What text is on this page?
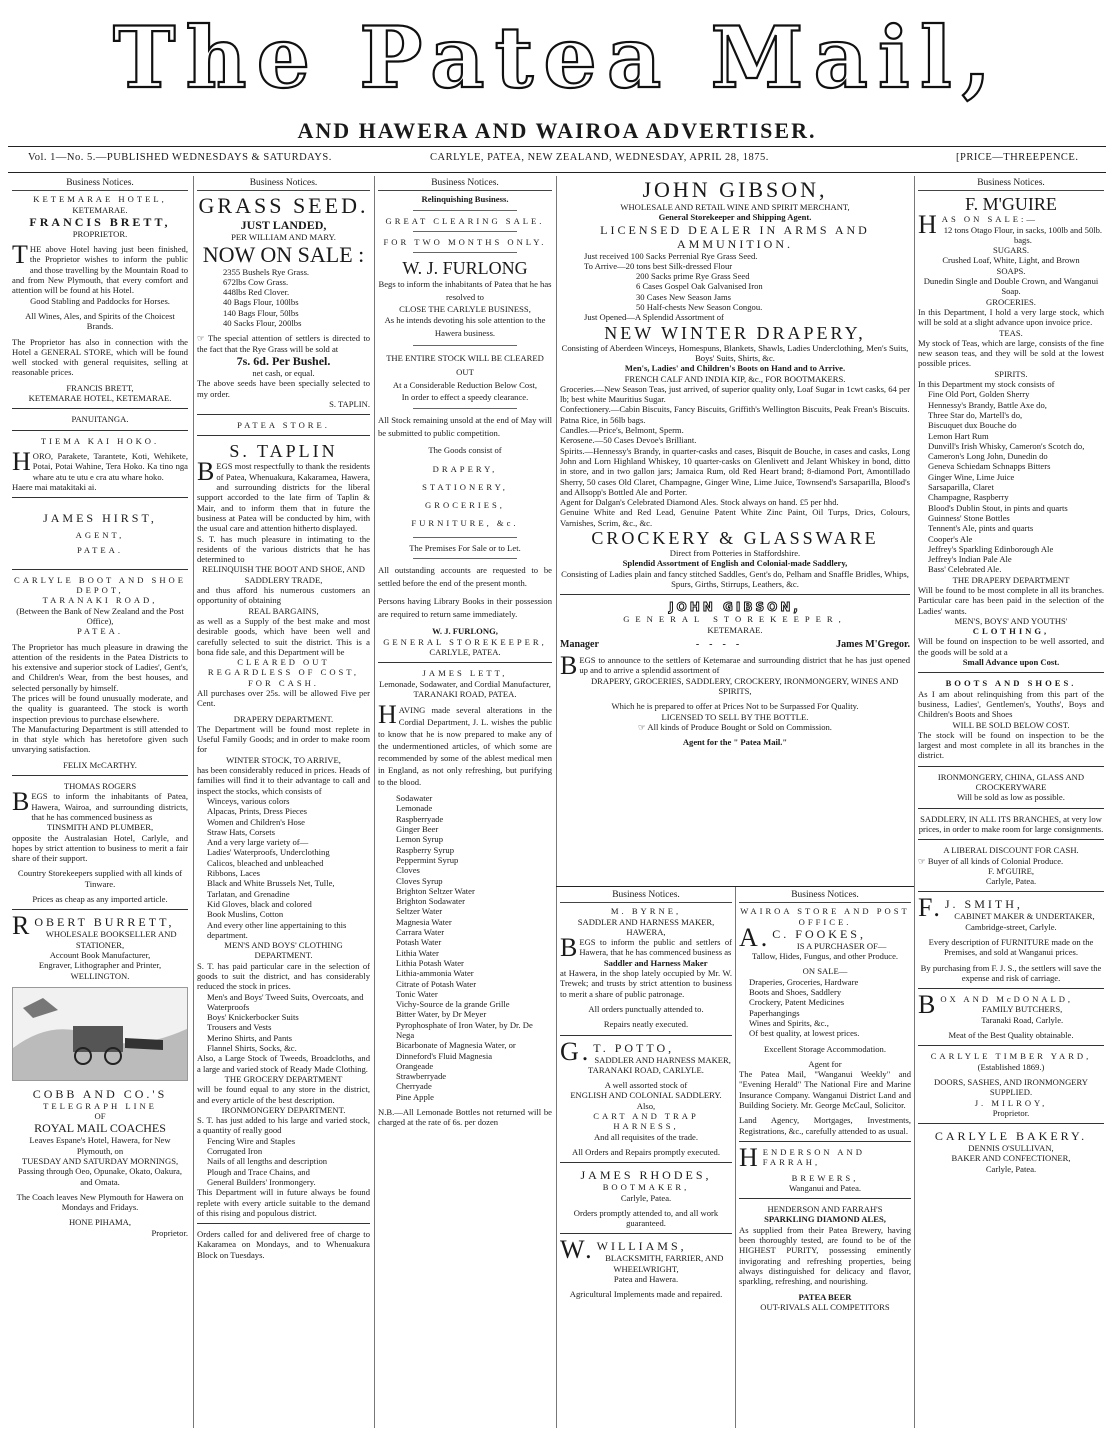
The Patea Mail,
AND HAWERA AND WAIROA ADVERTISER.
Vol. 1—No. 5.—PUBLISHED WEDNESDAYS & SATURDAYS.	CARLYLE, PATEA, NEW ZEALAND, WEDNESDAY, APRIL 28, 1875.	[PRICE—THREEPENCE.
Business Notices.

KETEMARAE HOTEL,

KETEMARAE.

FRANCIS BRETT,

PROPRIETOR.

THE above Hotel having just been finished, the Proprietor wishes to inform the public and those travelling by the Mountain Road to and from New Plymouth, that every comfort and attention will be found at his Hotel.

Good Stabling and Paddocks for Horses.

All Wines, Ales, and Spirits of the Choicest Brands.

The Proprietor has also in connection with the Hotel a GENERAL STORE, which will be found well stocked with general requisites, selling at reasonable prices.

FRANCIS BRETT,

KETEMARAE HOTEL, KETEMARAE.

PANUITANGA.

TIEMA KAI HOKO.

HORO, Parakete, Tarantete, Koti, Wehikete, Potai, Potai Wahine, Tera Hoko. Ka tino nga whare atu te utu e cra atu whare hoko.

Haere mai matakitaki ai.

JAMES HIRST,

AGENT,

PATEA.

CARLYLE BOOT AND SHOE DEPOT,

TARANAKI ROAD,

(Between the Bank of New Zealand and the Post Office),

PATEA.

The Proprietor has much pleasure in drawing the attention of the residents in the Patea Districts to his extensive and superior stock of Ladies', Gent's, and Children's Wear, from the best houses, and selected personally by himself.

The prices will be found unusually moderate, and the quality is guaranteed. The stock is worth inspection previous to purchase elsewhere.

The Manufacturing Department is still attended to in that style which has heretofore given such unvarying satisfaction.

FELIX McCARTHY.

THOMAS ROGERS

BEGS to inform the inhabitants of Patea, Hawera, Wairoa, and surrounding districts, that he has commenced business as

TINSMITH AND PLUMBER,

opposite the Australasian Hotel, Carlyle, and hopes by strict attention to business to merit a fair share of their support.

Country Storekeepers supplied with all kinds of Tinware.

Prices as cheap as any imported article.

ROBERT BURRETT,

WHOLESALE BOOKSELLER AND STATIONER,

Account Book Manufacturer,

Engraver, Lithographer and Printer,

WELLINGTON.

COBB AND CO.'S

TELEGRAPH LINE

OF

ROYAL MAIL COACHES

Leaves Espane's Hotel, Hawera, for New Plymouth, on

TUESDAY AND SATURDAY MORNINGS,

Passing through Oeo, Opunake, Okato, Oakura, and Omata.

The Coach leaves New Plymouth for Hawera on Mondays and Fridays.

HONE PIHAMA,

Proprietor.

Business Notices.

GRASS SEED.

JUST LANDED,

PER WILLIAM AND MARY.

NOW ON SALE :

2355 Bushels Rye Grass.

672lbs Cow Grass.

448lbs Red Clover.

40 Bags Flour, 100lbs

140 Bags Flour, 50lbs

40 Sacks Flour, 200lbs

☞ The special attention of settlers is directed to the fact that the Rye Grass will be sold at

7s. 6d. Per Bushel.

net cash, or equal.

The above seeds have been specially selected to my order.

S. TAPLIN.

PATEA STORE.

S. TAPLIN

BEGS most respectfully to thank the residents of Patea, Whenuakura, Kakaramea, Hawera, and surrounding districts for the liberal support accorded to the late firm of Taplin & Mair, and to inform them that in future the business at Patea will be conducted by him, with the usual care and attention hitherto displayed.

S. T. has much pleasure in intimating to the residents of the various districts that he has determined to

RELINQUISH THE BOOT AND SHOE, AND SADDLERY TRADE,

and thus afford his numerous customers an opportunity of obtaining

REAL BARGAINS,

as well as a Supply of the best make and most desirable goods, which have been well and carefully selected to suit the district. This is a bona fide sale, and this Department will be

CLEARED OUT REGARDLESS OF COST, FOR CASH.

All purchases over 25s. will be allowed Five per Cent.

DRAPERY DEPARTMENT.

The Department will be found most replete in Useful Family Goods; and in order to make room for

WINTER STOCK, TO ARRIVE,

has been considerably reduced in prices. Heads of families will find it to their advantage to call and inspect the stocks, which consists of

Winceys, various colors

Alpacas, Prints, Dress Pieces

Women and Children's Hose

Straw Hats, Corsets

And a very large variety of—

Ladies' Waterproofs, Underclothing

Calicos, bleached and unbleached

Ribbons, Laces

Black and White Brussels Net, Tulle,

Tarlatan, and Grenadine

Kid Gloves, black and colored

Book Muslins, Cotton

And every other line appertaining to this department.

MEN'S AND BOYS' CLOTHING DEPARTMENT.

S. T. has paid particular care in the selection of goods to suit the district, and has considerably reduced the stock in prices.

Men's and Boys' Tweed Suits, Overcoats, and Waterproofs

Boys' Knickerbocker Suits

Trousers and Vests

Merino Shirts, and Pants

Flannel Shirts, Socks, &c.

Also, a Large Stock of Tweeds, Broadcloths, and a large and varied stock of Ready Made Clothing.

THE GROCERY DEPARTMENT

will be found equal to any store in the district, and every article of the best description.

IRONMONGERY DEPARTMENT.

S. T. has just added to his large and varied stock, a quantity of really good

Fencing Wire and Staples

Corrugated Iron

Nails of all lengths and description

Plough and Trace Chains, and

General Builders' Ironmongery.

This Department will in future always be found replete with every article suitable to the demand of this rising and populous district.

Orders called for and delivered free of charge to Kakaramea on Mondays, and to Whenuakura Block on Tuesdays.

Business Notices.

Relinquishing Business.

GREAT CLEARING SALE.

FOR TWO MONTHS ONLY.

W. J. FURLONG

Begs to inform the inhabitants of Patea that he has resolved to

CLOSE THE CARLYLE BUSINESS,

As he intends devoting his sole attention to the Hawera business.

THE ENTIRE STOCK WILL BE CLEARED OUT

At a Considerable Reduction Below Cost,

In order to effect a speedy clearance.

All Stock remaining unsold at the end of May will be submitted to public competition.

The Goods consist of

DRAPERY,

STATIONERY,

GROCERIES,

FURNITURE, &c.

The Premises For Sale or to Let.

All outstanding accounts are requested to be settled before the end of the present month.

Persons having Library Books in their possession are required to return same immediately.

W. J. FURLONG,

GENERAL STOREKEEPER,

CARLYLE, PATEA.

JAMES LETT,

Lemonade, Sodawater, and Cordial Manufacturer,

TARANAKI ROAD, PATEA.

HAVING made several alterations in the Cordial Department, J. L. wishes the public to know that he is now prepared to make any of the undermentioned articles, of which some are recommended by some of the ablest medical men in England, as not only refreshing, but purifying to the blood.

Sodawater

Lemonade

Raspberryade

Ginger Beer

Lemon Syrup

Raspberry Syrup

Peppermint Syrup

Cloves

Cloves Syrup

Brighton Seltzer Water

Brighton Sodawater

Seltzer Water

Magnesia Water

Carrara Water

Potash Water

Lithia Water

Lithia Potash Water

Lithia-ammonia Water

Citrate of Potash Water

Tonic Water

Vichy-Source de la grande Grille

Bitter Water, by Dr Meyer

Pyrophosphate of Iron Water, by Dr. De Nega

Bicarbonate of Magnesia Water, or Dinneford's Fluid Magnesia

Orangeade

Strawberryade

Cherryade

Pine Apple

N.B.—All Lemonade Bottles not returned will be charged at the rate of 6s. per dozen

JOHN GIBSON,

WHOLESALE AND RETAIL WINE AND SPIRIT MERCHANT,

General Storekeeper and Shipping Agent.

LICENSED DEALER IN ARMS AND AMMUNITION.

Just received 100 Sacks Perrenial Rye Grass Seed.

To Arrive—20 tons best Silk-dressed Flour

200 Sacks prime Rye Grass Seed

6 Cases Gospel Oak Galvanised Iron

30 Cases New Season Jams

50 Half-chests New Season Congou.

Just Opened—A Splendid Assortment of

NEW WINTER DRAPERY,

Consisting of Aberdeen Winceys, Homespuns, Blankets, Shawls, Ladies Underclothing, Men's Suits, Boys' Suits, Shirts, &c.

Men's, Ladies' and Children's Boots on Hand and to Arrive.

FRENCH CALF AND INDIA KIP, &c., FOR BOOTMAKERS.

Groceries.—New Season Teas, just arrived, of superior quality only, Loaf Sugar in 1cwt casks, 64 per lb; best white Mauritius Sugar.

Confectionery.—Cabin Biscuits, Fancy Biscuits, Griffith's Wellington Biscuits, Peak Frean's Biscuits.

Patna Rice, in 56lb bags.

Candles.—Price's, Belmont, Sperm.

Kerosene.—50 Cases Devoe's Brilliant.

Spirits.—Hennessy's Brandy, in quarter-casks and cases, Bisquit de Bouche, in cases and casks, Long John and Lorn Highland Whiskey, 10 quarter-casks on Glenlivett and Jelant Whiskey in bond, ditto in store, and in two gallon jars; Jamaica Rum, old Red Heart brand; 8-diamond Port, Amontillado Sherry, 50 cases Old Claret, Champagne, Ginger Wine, Lime Juice, Townsend's Sarsaparilla, Blood's and Allsopp's Bottled Ale and Porter.

Agent for Dalgan's Celebrated Diamond Ales. Stock always on hand. £5 per hhd.

Genuine White and Red Lead, Genuine Patent White Zinc Paint, Oil Turps, Drics, Colours, Varnishes, Scrim, &c., &c.

CROCKERY & GLASSWARE

Direct from Potteries in Staffordshire.

Splendid Assortment of English and Colonial-made Saddlery,

Consisting of Ladies plain and fancy stitched Saddles, Gent's do, Pelham and Snaffle Bridles, Whips, Spurs, Girths, Stirrups, Leathers, &c.

JOHN GIBSON,

GENERAL STOREKEEPER,

KETEMARAE.

Manager	-    -    -    -	James M'Gregor.

BEGS to announce to the settlers of Ketemarae and surrounding district that he has just opened up and to arrive a splendid assortment of

DRAPERY, GROCERIES, SADDLERY, CROCKERY, IRONMONGERY, WINES AND SPIRITS,

Which he is prepared to offer at Prices Not to be Surpassed For Quality.

LICENSED TO SELL BY THE BOTTLE.

☞ All kinds of Produce Bought or Sold on Commission.

Agent for the " Patea Mail."

Business Notices.

M. BYRNE,

SADDLER AND HARNESS MAKER,

HAWERA,

BEGS to inform the public and settlers of Hawera, that he has commenced business as

Saddler and Harness Maker

at Hawera, in the shop lately occupied by Mr. W. Trewek; and trusts by strict attention to business to merit a share of public patronage.

All orders punctually attended to.

Repairs neatly executed.

G.T. POTTO,

SADDLER AND HARNESS MAKER,

TARANAKI ROAD, CARLYLE.

A well assorted stock of

ENGLISH AND COLONIAL SADDLERY.

Also,

CART AND TRAP HARNESS,

And all requisites of the trade.

All Orders and Repairs promptly executed.

JAMES RHODES,

BOOTMAKER,

Carlyle, Patea.

Orders promptly attended to, and all work guaranteed.

W.WILLIAMS,

BLACKSMITH, FARRIER, AND WHEELWRIGHT,

Patea and Hawera.

Agricultural Implements made and repaired.

Business Notices.

WAIROA STORE AND POST OFFICE.

A.C. FOOKES,

IS A PURCHASER OF—

Tallow, Hides, Fungus, and other Produce.

ON SALE—

Draperies, Groceries, Hardware

Boots and Shoes, Saddlery

Crockery, Patent Medicines

Paperhangings

Wines and Spirits, &c.,

Of best quality, at lowest prices.

Excellent Storage Accommodation.

Agent for

The Patea Mail, "Wanganui Weekly" and "Evening Herald" The National Fire and Marine Insurance Company. Wanganui District Land and Building Society. Mr. George McCaul, Solicitor.

Land Agency, Mortgages, Investments, Registrations, &c., carefully attended to as usual.

HENDERSON AND FARRAH,

BREWERS,

Wanganui and Patea.

HENDERSON AND FARRAH'S

SPARKLING DIAMOND ALES,

As supplied from their Patea Brewery, having been thoroughly tested, are found to be of the HIGHEST PURITY, possessing eminently invigorating and refreshing properties, being always distinguished for delicacy and flavor, sparkling, refreshing, and nourishing.

PATEA BEER

OUT-RIVALS ALL COMPETITORS

Business Notices.

F. M'GUIRE

HAS ON SALE:—

12 tons Otago Flour, in sacks, 100lb and 50lb. bags.

SUGARS.

Crushed Loaf, White, Light, and Brown

SOAPS.

Dunedin Single and Double Crown, and Wanganui Soap.

GROCERIES.

In this Department, I hold a very large stock, which will be sold at a slight advance upon invoice price.

TEAS.

My stock of Teas, which are large, consists of the fine new season teas, and they will be sold at the lowest possible prices.

SPIRITS.

In this Department my stock consists of

Fine Old Port, Golden Sherry

Hennessy's Brandy, Battle Axe do,

Three Star do, Martell's do,

Biscuquet dux Bouche do

Lemon Hart Rum

Dunvill's Irish Whisky, Cameron's Scotch do, Cameron's Long John, Dunedin do

Geneva Schiedam Schnapps Bitters

Ginger Wine, Lime Juice

Sarsaparilla, Claret

Champagne, Raspberry

Blood's Dublin Stout, in pints and quarts

Guinness' Stone Bottles

Tennent's Ale, pints and quarts

Cooper's Ale

Jeffrey's Sparkling Edinborough Ale

Jeffrey's Indian Pale Ale

Bass' Celebrated Ale.

THE DRAPERY DEPARTMENT

Will be found to be most complete in all its branches. Particular care has been paid in the selection of the Ladies' wants.

MEN'S, BOYS' AND YOUTHS'

CLOTHING,

Will be found on inspection to be well assorted, and the goods will be sold at a

Small Advance upon Cost.

BOOTS AND SHOES.

As I am about relinquishing from this part of the business, Ladies', Gentlemen's, Youths', Boys and Children's Boots and Shoes

WILL BE SOLD BELOW COST.

The stock will be found on inspection to be the largest and most complete in all its branches in the district.

IRONMONGERY, CHINA, GLASS AND CROCKERYWARE

Will be sold as low as possible.

SADDLERY, IN ALL ITS BRANCHES, at very low prices, in order to make room for large consignments.

A LIBERAL DISCOUNT FOR CASH.

☞ Buyer of all kinds of Colonial Produce.

F. M'GUIRE,

Carlyle, Patea.

F.J. SMITH,

CABINET MAKER & UNDERTAKER,

Cambridge-street, Carlyle.

Every description of FURNITURE made on the Premises, and sold at Wanganui prices.

By purchasing from F. J. S., the settlers will save the expense and risk of carriage.

BOX AND McDONALD,

FAMILY BUTCHERS,

Taranaki Road, Carlyle.

Meat of the Best Quality obtainable.

CARLYLE TIMBER YARD,

(Established 1869.)

DOORS, SASHES, AND IRONMONGERY SUPPLIED.

J. MILROY,

Proprietor.

CARLYLE BAKERY.

DENNIS O'SULLIVAN,

BAKER AND CONFECTIONER,

Carlyle, Patea.
